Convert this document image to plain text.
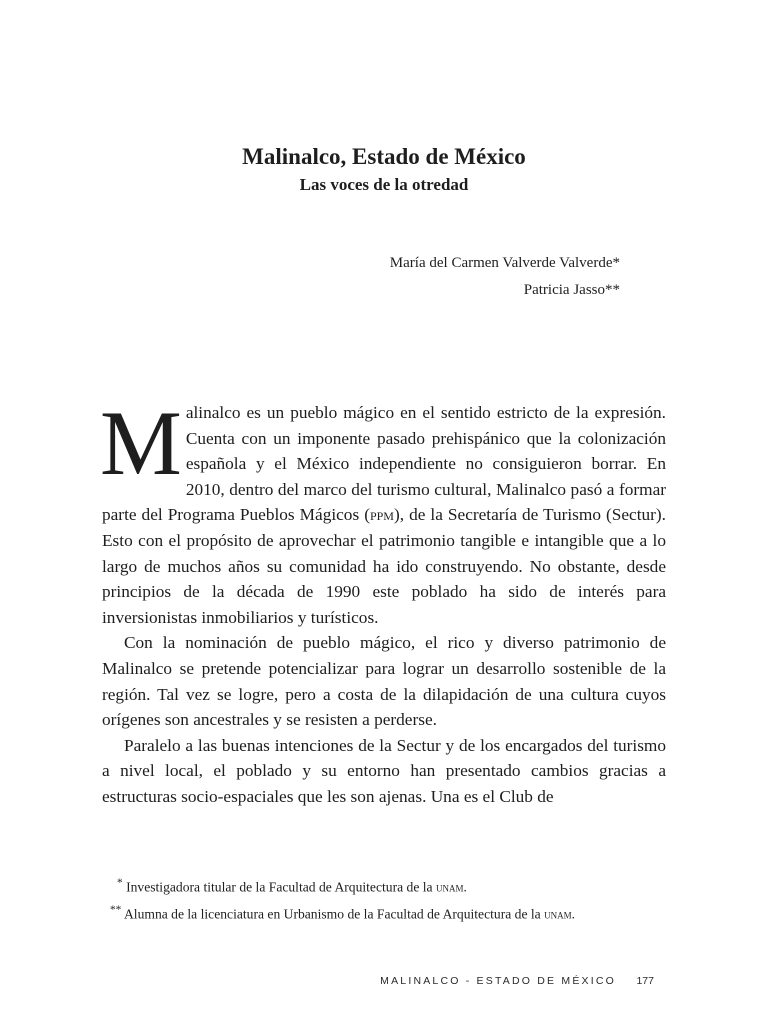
Malinalco, Estado de México
Las voces de la otredad
María del Carmen Valverde Valverde*
Patricia Jasso**

Malinalco es un pueblo mágico en el sentido estricto de la expresión. Cuenta con un imponente pasado prehispánico que la colonización española y el México independiente no consiguieron borrar. En 2010, dentro del marco del turismo cultural, Malinalco pasó a formar parte del Programa Pueblos Mágicos (ppm), de la Secretaría de Turismo (Sectur). Esto con el propósito de aprovechar el patrimonio tangible e intangible que a lo largo de muchos años su comunidad ha ido construyendo. No obstante, desde principios de la década de 1990 este poblado ha sido de interés para inversionistas inmobiliarios y turísticos.

Con la nominación de pueblo mágico, el rico y diverso patrimonio de Malinalco se pretende potencializar para lograr un desarrollo sostenible de la región. Tal vez se logre, pero a costa de la dilapidación de una cultura cuyos orígenes son ancestrales y se resisten a perderse.

Paralelo a las buenas intenciones de la Sectur y de los encargados del turismo a nivel local, el poblado y su entorno han presentado cambios gracias a estructuras socio-espaciales que les son ajenas. Una es el Club de

* Investigadora titular de la Facultad de Arquitectura de la unam.
** Alumna de la licenciatura en Urbanismo de la Facultad de Arquitectura de la unam.
MALINALCO - ESTADO DE MÉXICO 177
